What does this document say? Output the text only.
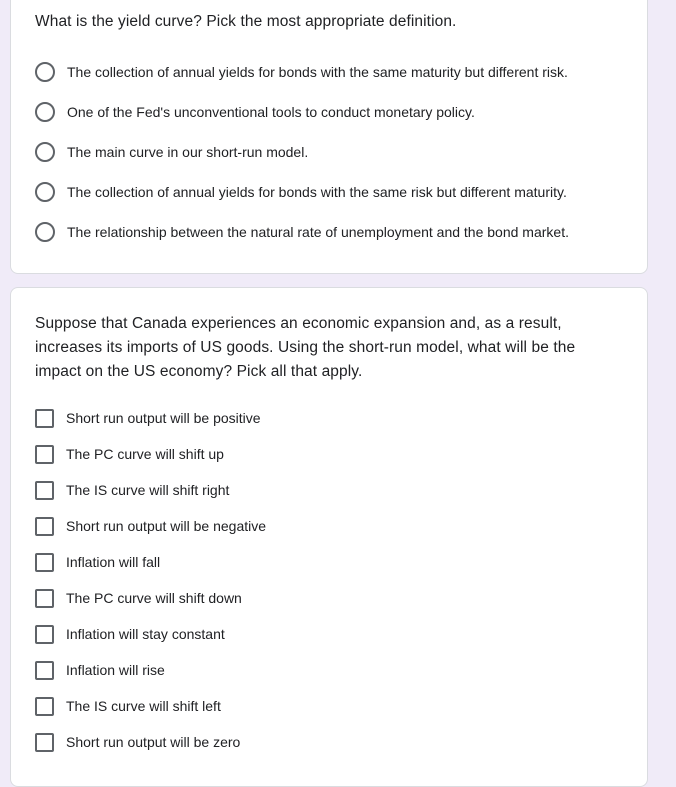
What is the yield curve? Pick the most appropriate definition.
The collection of annual yields for bonds with the same maturity but different risk.
One of the Fed's unconventional tools to conduct monetary policy.
The main curve in our short-run model.
The collection of annual yields for bonds with the same risk but different maturity.
The relationship between the natural rate of unemployment and the bond market.
Suppose that Canada experiences an economic expansion and, as a result, increases its imports of US goods. Using the short-run model, what will be the impact on the US economy? Pick all that apply.
Short run output will be positive
The PC curve will shift up
The IS curve will shift right
Short run output will be negative
Inflation will fall
The PC curve will shift down
Inflation will stay constant
Inflation will rise
The IS curve will shift left
Short run output will be zero
